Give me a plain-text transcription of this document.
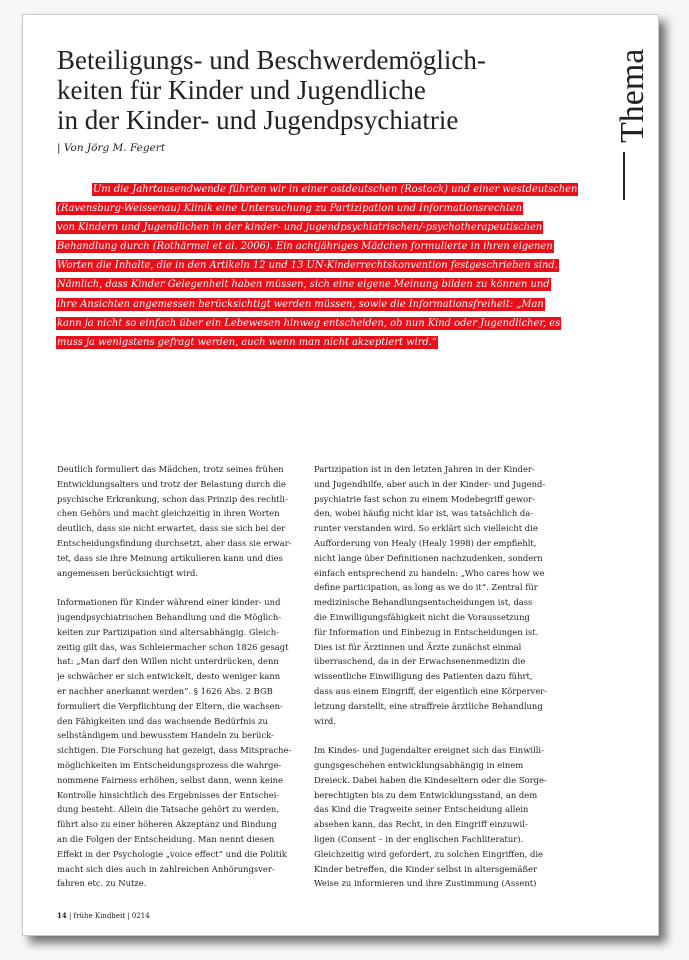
Beteiligungs- und Beschwerdemöglich-
keiten für Kinder und Jugendliche
in der Kinder- und Jugendpsychiatrie
| Von Jörg M. Fegert
Thema
Um die Jahrtausendwende führten wir in einer ostdeutschen (Rostock) und einer westdeutschen
(Ravensburg-Weissenau) Klinik eine Untersuchung zu Partizipation und Informationsrechten
von Kindern und Jugendlichen in der kinder- und jugendpsychiatrischen/-psychotherapeutischen
Behandlung durch (Rothärmel et al. 2006). Ein achtjähriges Mädchen formulierte in ihren eigenen
Worten die Inhalte, die in den Artikeln 12 und 13 UN-Kinderrechtskonvention festgeschrieben sind.
Nämlich, dass Kinder Gelegenheit haben müssen, sich eine eigene Meinung bilden zu können und
ihre Ansichten angemessen berücksichtigt werden müssen, sowie die Informationsfreiheit: „Man
kann ja nicht so einfach über ein Lebewesen hinweg entscheiden, ob nun Kind oder Jugendlicher, es
muss ja wenigstens gefragt werden, auch wenn man nicht akzeptiert wird.“
Deutlich formuliert das Mädchen, trotz seines frühen
Entwicklungsalters und trotz der Belastung durch die
psychische Erkrankung, schon das Prinzip des rechtli-
chen Gehörs und macht gleichzeitig in ihren Worten
deutlich, dass sie nicht erwartet, dass sie sich bei der
Entscheidungsfindung durchsetzt, aber dass sie erwar-
tet, dass sie ihre Meinung artikulieren kann und dies
angemessen berücksichtigt wird.
Informationen für Kinder während einer kinder- und
jugendpsychiatrischen Behandlung und die Möglich-
keiten zur Partizipation sind altersabhängig. Gleich-
zeitig gilt das, was Schleiermacher schon 1826 gesagt
hat: „Man darf den Willen nicht unterdrücken, denn
je schwächer er sich entwickelt, desto weniger kann
er nachher anerkannt werden“. § 1626 Abs. 2 BGB
formuliert die Verpflichtung der Eltern, die wachsen-
den Fähigkeiten und das wachsende Bedürfnis zu
selbständigem und bewusstem Handeln zu berück-
sichtigen. Die Forschung hat gezeigt, dass Mitsprache-
möglichkeiten im Entscheidungsprozess die wahrge-
nommene Fairness erhöhen, selbst dann, wenn keine
Kontrolle hinsichtlich des Ergebnisses der Entschei-
dung besteht. Allein die Tatsache gehört zu werden,
führt also zu einer höheren Akzeptanz und Bindung
an die Folgen der Entscheidung. Man nennt diesen
Effekt in der Psychologie „voice effect“ und die Politik
macht sich dies auch in zahlreichen Anhörungsver-
fahren etc. zu Nutze.
Partizipation ist in den letzten Jahren in der Kinder-
und Jugendhilfe, aber auch in der Kinder- und Jugend-
psychiatrie fast schon zu einem Modebegriff gewor-
den, wobei häufig nicht klar ist, was tatsächlich da-
runter verstanden wird. So erklärt sich vielleicht die
Aufforderung von Healy (Healy 1998) der empfiehlt,
nicht lange über Definitionen nachzudenken, sondern
einfach entsprechend zu handeln: „Who cares how we
define participation, as long as we do it“. Zentral für
medizinische Behandlungsentscheidungen ist, dass
die Einwilligungsfähigkeit nicht die Voraussetzung
für Information und Einbezug in Entscheidungen ist.
Dies ist für Ärztinnen und Ärzte zunächst einmal
überraschend, da in der Erwachsenenmedizin die
wissentliche Einwilligung des Patienten dazu führt,
dass aus einem Eingriff, der eigentlich eine Körperver-
letzung darstellt, eine straffreie ärztliche Behandlung
wird.
Im Kindes- und Jugendalter ereignet sich das Einwilli-
gungsgeschehen entwicklungsabhängig in einem
Dreieck. Dabei haben die Kindeseltern oder die Sorge-
berechtigten bis zu dem Entwicklungsstand, an dem
das Kind die Tragweite seiner Entscheidung allein
absehen kann, das Recht, in den Eingriff einzuwil-
ligen (Consent – in der englischen Fachliteratur).
Gleichzeitig wird gefordert, zu solchen Eingriffen, die
Kinder betreffen, die Kinder selbst in altersgemäßer
Weise zu informieren und ihre Zustimmung (Assent)
14 | frühe Kindheit | 0214
